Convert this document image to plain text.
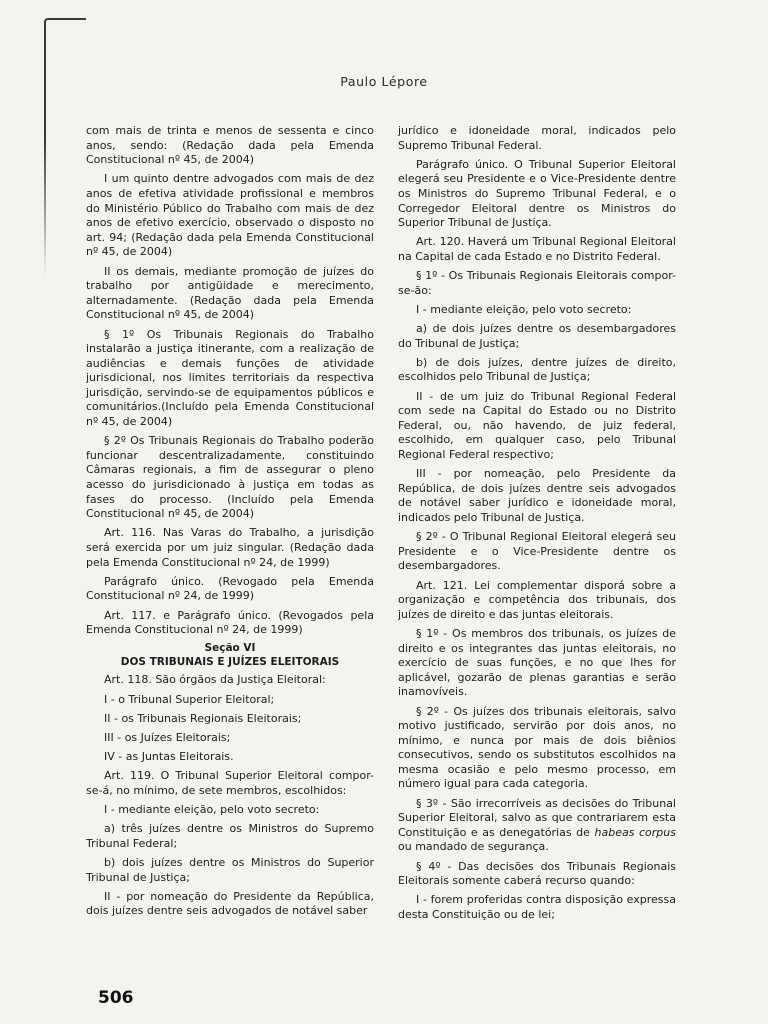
Paulo Lépore

com mais de trinta e menos de sessenta e cinco anos, sendo: (Redação dada pela Emenda Constitucional nº 45, de 2004)

I um quinto dentre advogados com mais de dez anos de efetiva atividade profissional e membros do Ministério Público do Trabalho com mais de dez anos de efetivo exercício, observado o disposto no art. 94; (Redação dada pela Emenda Constitucional nº 45, de 2004)

II os demais, mediante promoção de juízes do trabalho por antigüidade e merecimento, alternadamente. (Redação dada pela Emenda Constitucional nº 45, de 2004)

§ 1º Os Tribunais Regionais do Trabalho instalarão a justiça itinerante, com a realização de audiências e demais funções de atividade jurisdicional, nos limites territoriais da respectiva jurisdição, servindo-se de equipamentos públicos e comunitários.(Incluído pela Emenda Constitucional nº 45, de 2004)

§ 2º Os Tribunais Regionais do Trabalho poderão funcionar descentralizadamente, constituindo Câmaras regionais, a fim de assegurar o pleno acesso do jurisdicionado à justiça em todas as fases do processo. (Incluído pela Emenda Constitucional nº 45, de 2004)

Art. 116. Nas Varas do Trabalho, a jurisdição será exercida por um juiz singular. (Redação dada pela Emenda Constitucional nº 24, de 1999)

Parágrafo único. (Revogado pela Emenda Constitucional nº 24, de 1999)

Art. 117. e Parágrafo único. (Revogados pela Emenda Constitucional nº 24, de 1999)

Seção VI
DOS TRIBUNAIS E JUÍZES ELEITORAIS

Art. 118. São órgãos da Justiça Eleitoral:

I - o Tribunal Superior Eleitoral;

II - os Tribunais Regionais Eleitorais;

III - os Juízes Eleitorais;

IV - as Juntas Eleitorais.

Art. 119. O Tribunal Superior Eleitoral compor-se-á, no mínimo, de sete membros, escolhidos:

I - mediante eleição, pelo voto secreto:

a) três juízes dentre os Ministros do Supremo Tribunal Federal;

b) dois juízes dentre os Ministros do Superior Tribunal de Justiça;

II - por nomeação do Presidente da República, dois juízes dentre seis advogados de notável saber

jurídico e idoneidade moral, indicados pelo Supremo Tribunal Federal.

Parágrafo único. O Tribunal Superior Eleitoral elegerá seu Presidente e o Vice-Presidente dentre os Ministros do Supremo Tribunal Federal, e o Corregedor Eleitoral dentre os Ministros do Superior Tribunal de Justiça.

Art. 120. Haverá um Tribunal Regional Eleitoral na Capital de cada Estado e no Distrito Federal.

§ 1º - Os Tribunais Regionais Eleitorais compor-se-ão:

I - mediante eleição, pelo voto secreto:

a) de dois juízes dentre os desembargadores do Tribunal de Justiça;

b) de dois juízes, dentre juízes de direito, escolhidos pelo Tribunal de Justiça;

II - de um juiz do Tribunal Regional Federal com sede na Capital do Estado ou no Distrito Federal, ou, não havendo, de juiz federal, escolhido, em qualquer caso, pelo Tribunal Regional Federal respectivo;

III - por nomeação, pelo Presidente da República, de dois juízes dentre seis advogados de notável saber jurídico e idoneidade moral, indicados pelo Tribunal de Justiça.

§ 2º - O Tribunal Regional Eleitoral elegerá seu Presidente e o Vice-Presidente dentre os desembargadores.

Art. 121. Lei complementar disporá sobre a organização e competência dos tribunais, dos juízes de direito e das juntas eleitorais.

§ 1º - Os membros dos tribunais, os juízes de direito e os integrantes das juntas eleitorais, no exercício de suas funções, e no que lhes for aplicável, gozarão de plenas garantias e serão inamovíveis.

§ 2º - Os juízes dos tribunais eleitorais, salvo motivo justificado, servirão por dois anos, no mínimo, e nunca por mais de dois biênios consecutivos, sendo os substitutos escolhidos na mesma ocasião e pelo mesmo processo, em número igual para cada categoria.

§ 3º - São irrecorríveis as decisões do Tribunal Superior Eleitoral, salvo as que contrariarem esta Constituição e as denegatórias de habeas corpus ou mandado de segurança.

§ 4º - Das decisões dos Tribunais Regionais Eleitorais somente caberá recurso quando:

I - forem proferidas contra disposição expressa desta Constituição ou de lei;

506
